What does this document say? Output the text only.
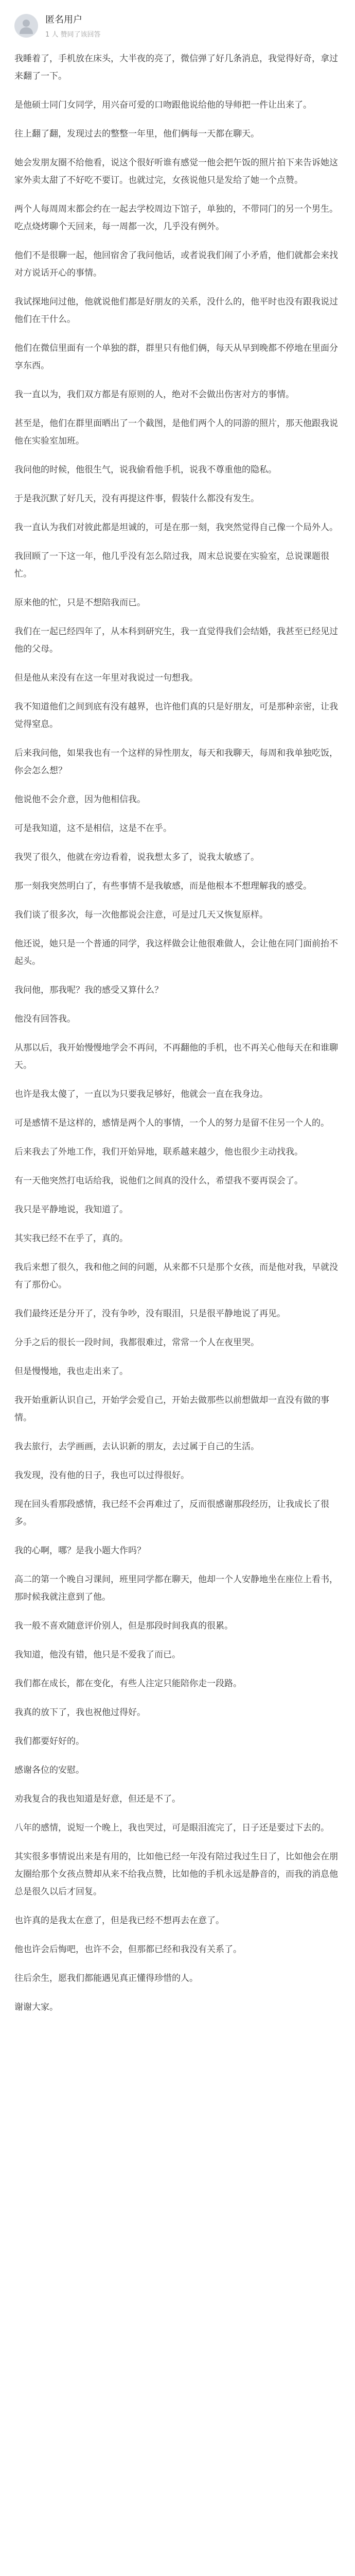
匿名用户
1 人 赞同了该回答

我睡着了，手机放在床头，大半夜的亮了，微信弹了好几条消息，我觉得好奇，拿过来翻了一下。

是他硕士同门女同学，用兴奋可爱的口吻跟他说给他的导师把一件让出来了。

往上翻了翻，发现过去的整整一年里，他们俩每一天都在聊天。

她会发朋友圈不给他看，说这个很好听谁有感觉一他会把午饭的照片拍下来告诉她这家外卖太甜了不好吃不要订。也就过完，女孩说他只是发给了她一个点赞。

两个人每周周末都会约在一起去学校周边下馆子，单独的，不带同门的另一个男生。吃点烧烤聊个天回来，每一周都一次，几乎没有例外。

他们不是很聊一起，他回宿舍了我问他话，或者说我们闹了小矛盾，他们就都会来找对方说话开心的事情。

我试探地问过他，他就说他们都是好朋友的关系，没什么的，他平时也没有跟我说过他们在干什么。

他们在微信里面有一个单独的群，群里只有他们俩，每天从早到晚都不停地在里面分享东西。

我一直以为，我们双方都是有原则的人，绝对不会做出伤害对方的事情。

甚至是，他们在群里面晒出了一个截图，是他们两个人的同游的照片，那天他跟我说他在实验室加班。

我问他的时候，他很生气，说我偷看他手机，说我不尊重他的隐私。

于是我沉默了好几天，没有再提这件事，假装什么都没有发生。

我一直认为我们对彼此都是坦诚的，可是在那一刻，我突然觉得自己像一个局外人。

我回顾了一下这一年，他几乎没有怎么陪过我，周末总说要在实验室，总说课题很忙。

原来他的忙，只是不想陪我而已。

我们在一起已经四年了，从本科到研究生，我一直觉得我们会结婚，我甚至已经见过他的父母。

但是他从来没有在这一年里对我说过一句想我。

我不知道他们之间到底有没有越界，也许他们真的只是好朋友，可是那种亲密，让我觉得窒息。

后来我问他，如果我也有一个这样的异性朋友，每天和我聊天，每周和我单独吃饭，你会怎么想？

他说他不会介意，因为他相信我。

可是我知道，这不是相信，这是不在乎。

我哭了很久，他就在旁边看着，说我想太多了，说我太敏感了。

那一刻我突然明白了，有些事情不是我敏感，而是他根本不想理解我的感受。

我们谈了很多次，每一次他都说会注意，可是过几天又恢复原样。

他还说，她只是一个普通的同学，我这样做会让他很难做人，会让他在同门面前抬不起头。

我问他，那我呢？我的感受又算什么？

他没有回答我。

从那以后，我开始慢慢地学会不再问，不再翻他的手机，也不再关心他每天在和谁聊天。

也许是我太傻了，一直以为只要我足够好，他就会一直在我身边。

可是感情不是这样的，感情是两个人的事情，一个人的努力是留不住另一个人的。

后来我去了外地工作，我们开始异地，联系越来越少，他也很少主动找我。

有一天他突然打电话给我，说他们之间真的没什么，希望我不要再误会了。

我只是平静地说，我知道了。

其实我已经不在乎了，真的。

我后来想了很久，我和他之间的问题，从来都不只是那个女孩，而是他对我，早就没有了那份心。

我们最终还是分开了，没有争吵，没有眼泪，只是很平静地说了再见。

分手之后的很长一段时间，我都很难过，常常一个人在夜里哭。

但是慢慢地，我也走出来了。

我开始重新认识自己，开始学会爱自己，开始去做那些以前想做却一直没有做的事情。

我去旅行，去学画画，去认识新的朋友，去过属于自己的生活。

我发现，没有他的日子，我也可以过得很好。

现在回头看那段感情，我已经不会再难过了，反而很感谢那段经历，让我成长了很多。

我的心啊，哪？是我小题大作吗？

高二的第一个晚自习课间，班里同学都在聊天，他却一个人安静地坐在座位上看书，那时候我就注意到了他。

我一般不喜欢随意评价别人，但是那段时间我真的很累。

我知道，他没有错，他只是不爱我了而已。

我们都在成长，都在变化，有些人注定只能陪你走一段路。

我真的放下了，我也祝他过得好。

我们都要好好的。

感谢各位的安慰。

劝我复合的我也知道是好意，但还是不了。

八年的感情，说短一个晚上，我也哭过，可是眼泪流完了，日子还是要过下去的。

其实很多事情说出来是有用的，比如他已经一年没有陪过我过生日了，比如他会在朋友圈给那个女孩点赞却从来不给我点赞，比如他的手机永远是静音的，而我的消息他总是很久以后才回复。

也许真的是我太在意了，但是我已经不想再去在意了。

他也许会后悔吧，也许不会，但那都已经和我没有关系了。

往后余生，愿我们都能遇见真正懂得珍惜的人。

谢谢大家。
